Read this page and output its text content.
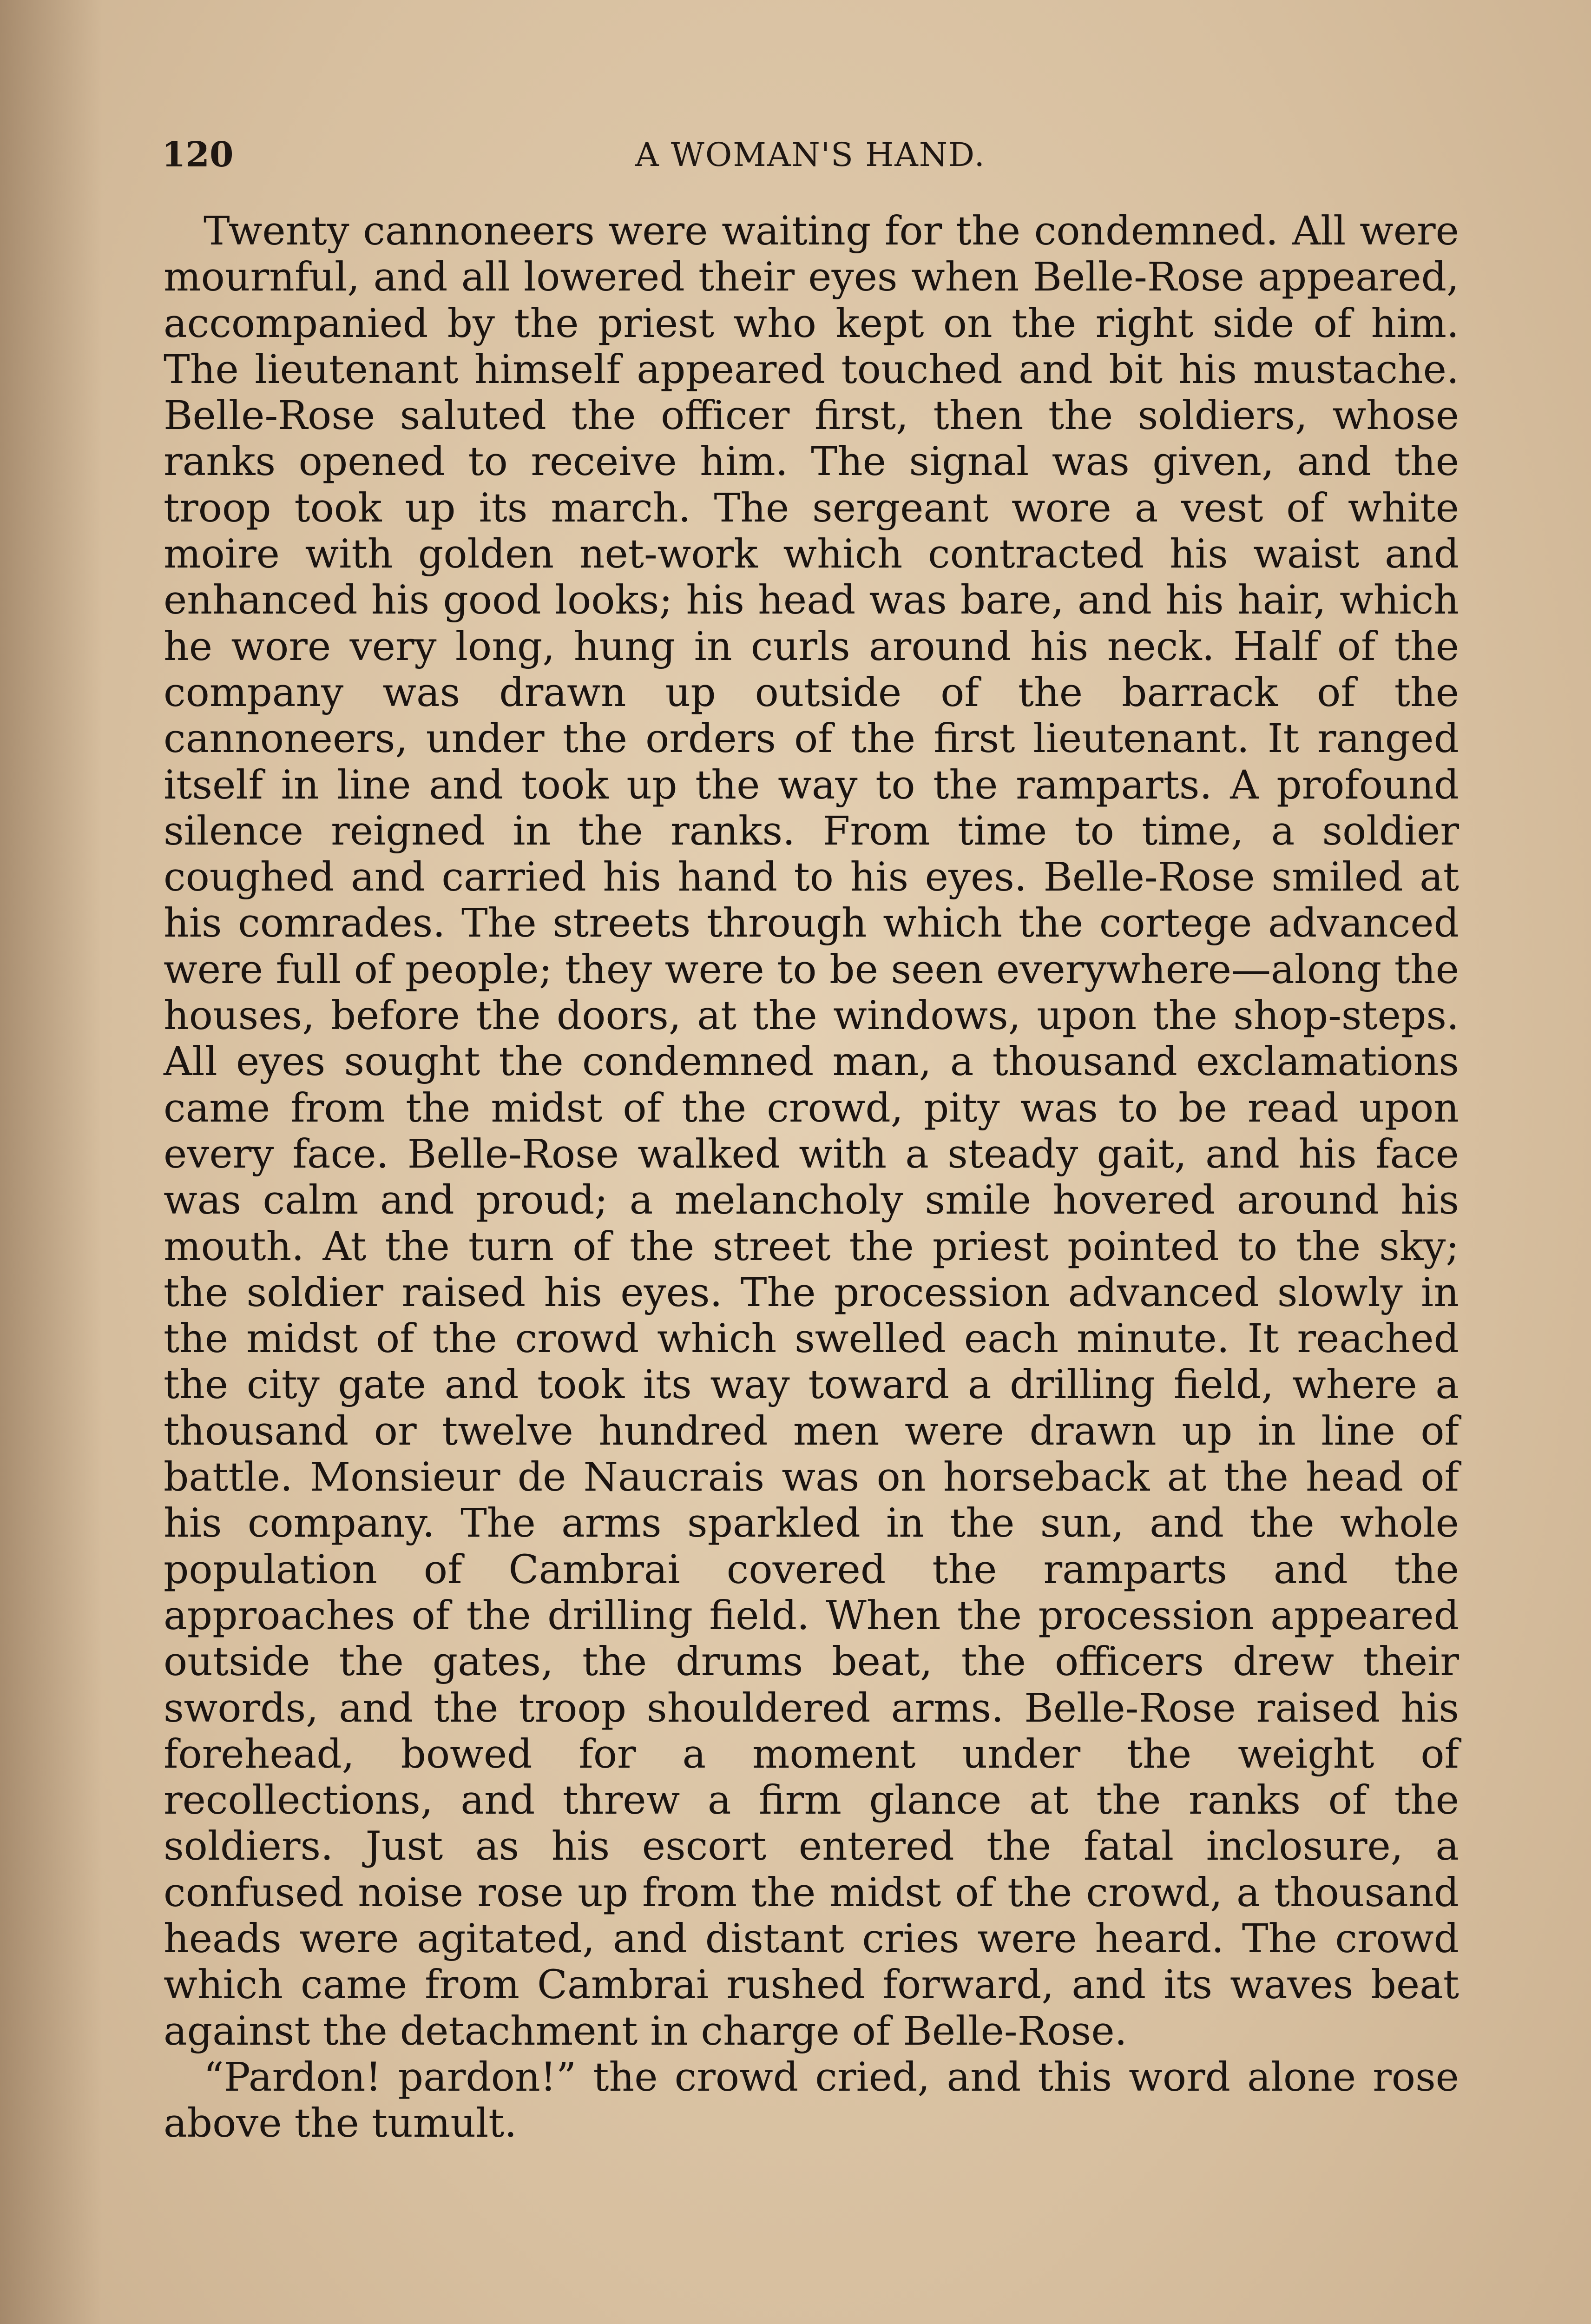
120	A WOMAN'S HAND.

Twenty cannoneers were waiting for the condemned. All were mournful, and all lowered their eyes when Belle-Rose appeared, accompanied by the priest who kept on the right side of him. The lieutenant himself appeared touched and bit his mustache. Belle-Rose saluted the officer first, then the soldiers, whose ranks opened to receive him. The signal was given, and the troop took up its march. The sergeant wore a vest of white moire with golden net-work which contracted his waist and enhanced his good looks; his head was bare, and his hair, which he wore very long, hung in curls around his neck. Half of the company was drawn up outside of the barrack of the cannoneers, under the orders of the first lieutenant. It ranged itself in line and took up the way to the ramparts. A profound silence reigned in the ranks. From time to time, a soldier coughed and carried his hand to his eyes. Belle-Rose smiled at his comrades. The streets through which the cortege advanced were full of people; they were to be seen everywhere—along the houses, before the doors, at the windows, upon the shop-steps. All eyes sought the condemned man, a thousand exclamations came from the midst of the crowd, pity was to be read upon every face. Belle-Rose walked with a steady gait, and his face was calm and proud; a melancholy smile hovered around his mouth. At the turn of the street the priest pointed to the sky; the soldier raised his eyes. The procession advanced slowly in the midst of the crowd which swelled each minute. It reached the city gate and took its way toward a drilling field, where a thousand or twelve hundred men were drawn up in line of battle. Monsieur de Naucrais was on horseback at the head of his company. The arms sparkled in the sun, and the whole population of Cambrai covered the ramparts and the approaches of the drilling field. When the procession appeared outside the gates, the drums beat, the officers drew their swords, and the troop shouldered arms. Belle-Rose raised his forehead, bowed for a moment under the weight of recollections, and threw a firm glance at the ranks of the soldiers. Just as his escort entered the fatal inclosure, a confused noise rose up from the midst of the crowd, a thousand heads were agitated, and distant cries were heard. The crowd which came from Cambrai rushed forward, and its waves beat against the detachment in charge of Belle-Rose.

“Pardon! pardon!” the crowd cried, and this word alone rose above the tumult.
